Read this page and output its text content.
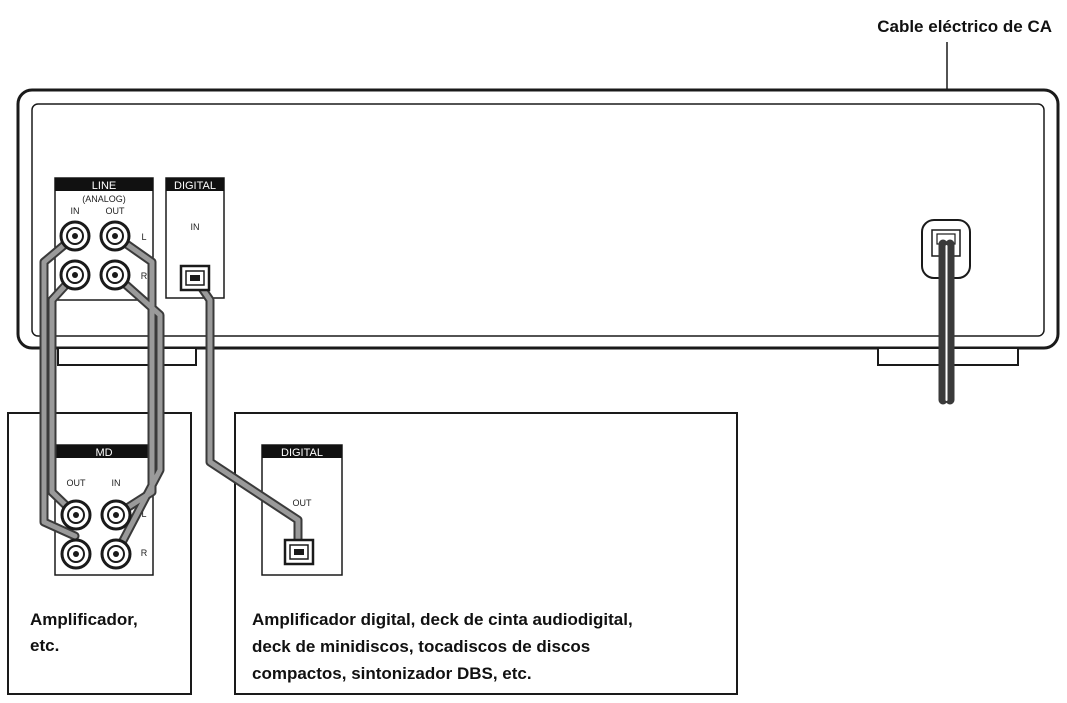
Cable eléctrico de CA
LINE
(ANALOG)
IN	OUT
L
R
DIGITAL
IN
MD
OUT	IN
L
R
Amplificador,
etc.
DIGITAL
OUT
Amplificador digital, deck de cinta audiodigital,
deck de minidiscos, tocadiscos de discos
compactos, sintonizador DBS, etc.
